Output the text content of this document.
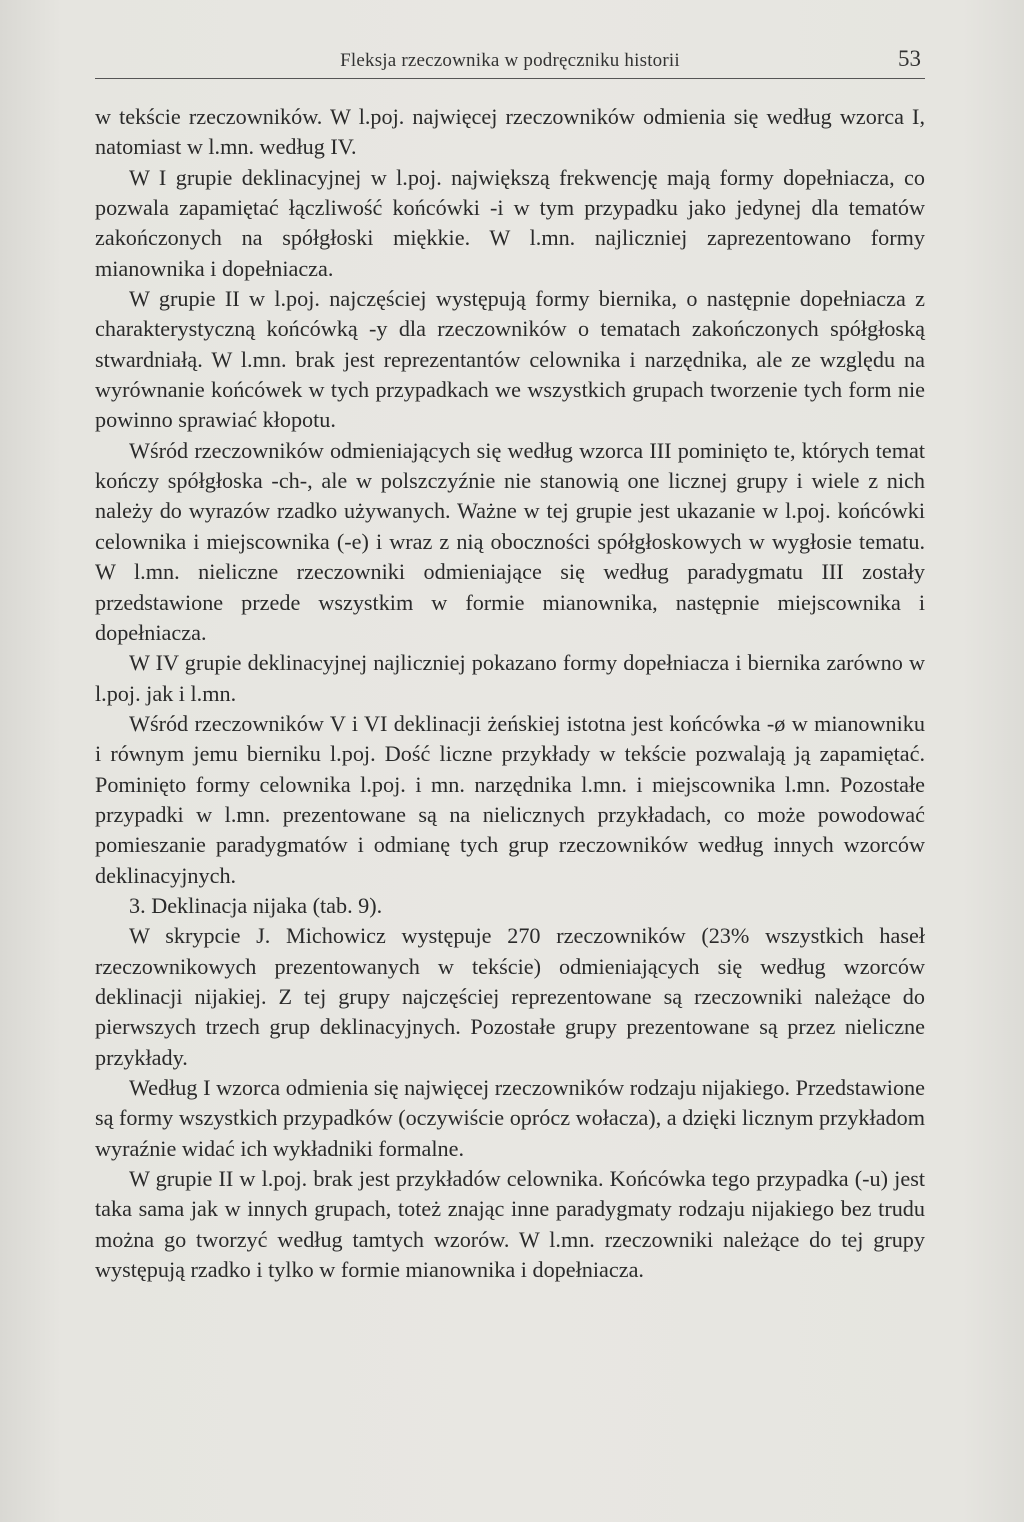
Fleksja rzeczownika w podręczniku historii	53

w tekście rzeczowników. W l.poj. najwięcej rzeczowników odmienia się według wzorca I, natomiast w l.mn. według IV.

W I grupie deklinacyjnej w l.poj. największą frekwencję mają formy dopełniacza, co pozwala zapamiętać łączliwość końcówki -i w tym przypadku jako jedynej dla tematów zakończonych na spółgłoski miękkie. W l.mn. najliczniej zaprezentowano formy mianownika i dopełniacza.

W grupie II w l.poj. najczęściej występują formy biernika, o następnie dopełniacza z charakterystyczną końcówką -y dla rzeczowników o tematach zakończonych spółgłoską stwardniałą. W l.mn. brak jest reprezentantów celownika i narzędnika, ale ze względu na wyrównanie końcówek w tych przypadkach we wszystkich grupach tworzenie tych form nie powinno sprawiać kłopotu.

Wśród rzeczowników odmieniających się według wzorca III pominięto te, których temat kończy spółgłoska -ch-, ale w polszczyźnie nie stanowią one licznej grupy i wiele z nich należy do wyrazów rzadko używanych. Ważne w tej grupie jest ukazanie w l.poj. końcówki celownika i miejscownika (-e) i wraz z nią oboczności spółgłoskowych w wygłosie tematu. W l.mn. nieliczne rzeczowniki odmieniające się według paradygmatu III zostały przedstawione przede wszystkim w formie mianownika, następnie miejscownika i dopełniacza.

W IV grupie deklinacyjnej najliczniej pokazano formy dopełniacza i biernika zarówno w l.poj. jak i l.mn.

Wśród rzeczowników V i VI deklinacji żeńskiej istotna jest końcówka -ø w mianowniku i równym jemu bierniku l.poj. Dość liczne przykłady w tekście pozwalają ją zapamiętać. Pominięto formy celownika l.poj. i mn. narzędnika l.mn. i miejscownika l.mn. Pozostałe przypadki w l.mn. prezentowane są na nielicznych przykładach, co może powodować pomieszanie paradygmatów i odmianę tych grup rzeczowników według innych wzorców deklinacyjnych.

3. Deklinacja nijaka (tab. 9).

W skrypcie J. Michowicz występuje 270 rzeczowników (23% wszystkich haseł rzeczownikowych prezentowanych w tekście) odmieniających się według wzorców deklinacji nijakiej. Z tej grupy najczęściej reprezentowane są rzeczowniki należące do pierwszych trzech grup deklinacyjnych. Pozostałe grupy prezentowane są przez nieliczne przykłady.

Według I wzorca odmienia się najwięcej rzeczowników rodzaju nijakiego. Przedstawione są formy wszystkich przypadków (oczywiście oprócz wołacza), a dzięki licznym przykładom wyraźnie widać ich wykładniki formalne.

W grupie II w l.poj. brak jest przykładów celownika. Końcówka tego przypadka (-u) jest taka sama jak w innych grupach, toteż znając inne paradygmaty rodzaju nijakiego bez trudu można go tworzyć według tamtych wzorów. W l.mn. rzeczowniki należące do tej grupy występują rzadko i tylko w formie mianownika i dopełniacza.
